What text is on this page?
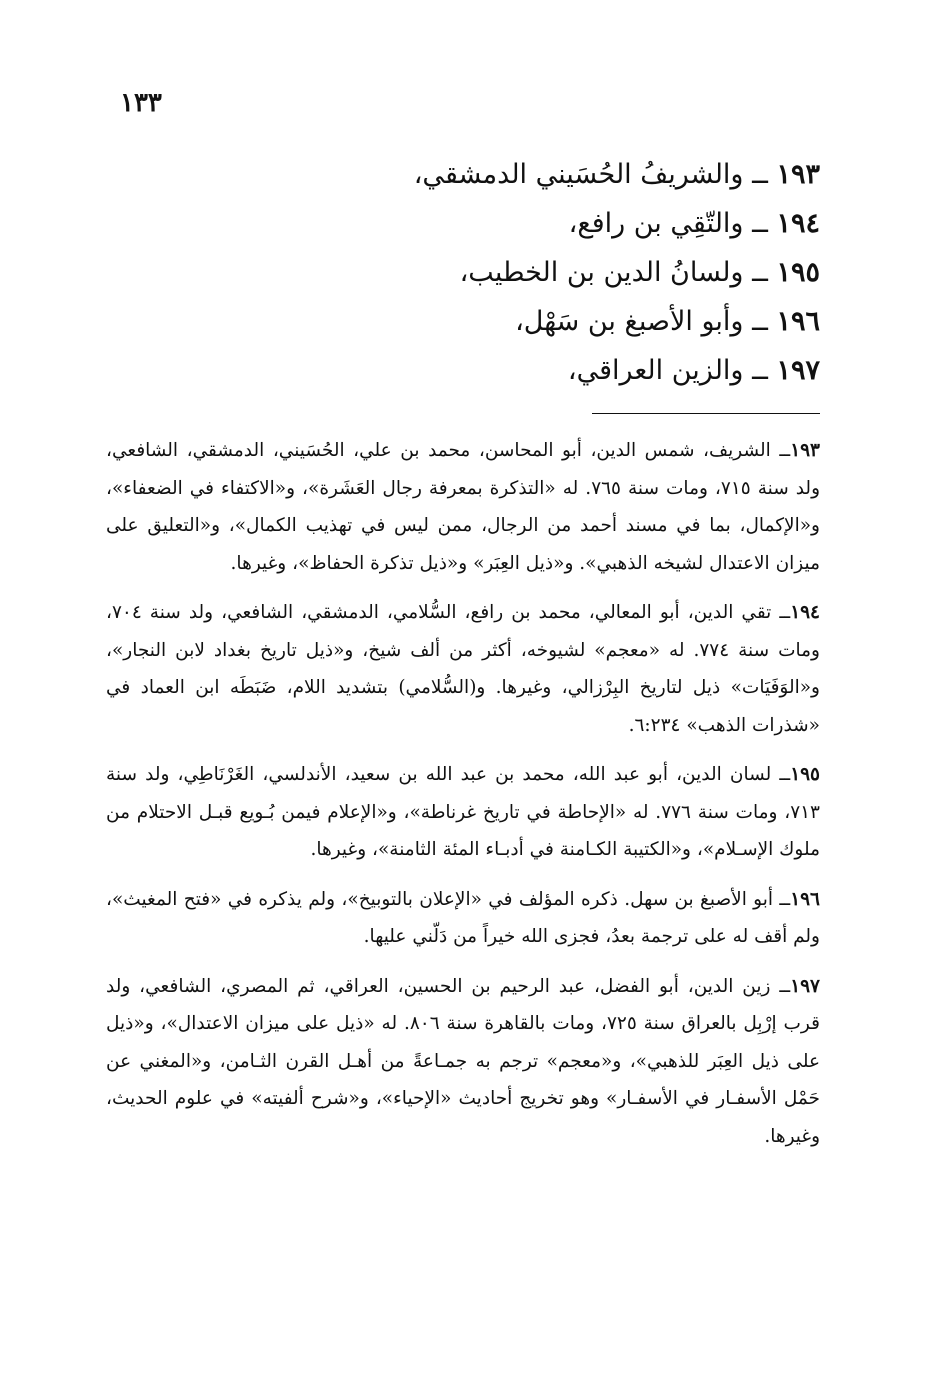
١٣٣
١٩٣ ــ والشريفُ الحُسَيني الدمشقي،
١٩٤ ــ والتّقِي بن رافع،
١٩٥ ــ ولسانُ الدين بن الخطيب،
١٩٦ ــ وأبو الأصبغ بن سَهْل،
١٩٧ ــ والزين العراقي،

١٩٣ــ الشريف، شمس الدين، أبو المحاسن، محمد بن علي، الحُسَيني، الدمشقي، الشافعي، ولد سنة ٧١٥، ومات سنة ٧٦٥. له «التذكرة بمعرفة رجال العَشَرة»، و«الاكتفاء في الضعفاء»، و«الإكمال، بما في مسند أحمد من الرجال، ممن ليس في تهذيب الكمال»، و«التعليق على ميزان الاعتدال لشيخه الذهبي». و«ذيل العِبَر» و«ذيل تذكرة الحفاظ»، وغيرها.

١٩٤ــ تقي الدين، أبو المعالي، محمد بن رافع، السُّلامي، الدمشقي، الشافعي، ولد سنة ٧٠٤، ومات سنة ٧٧٤. له «معجم» لشيوخه، أكثر من ألف شيخ، و«ذيل تاريخ بغداد لابن النجار»، و«الوَفَيَات» ذيل لتاريخ البِرْزالي، وغيرها. و(السُّلامي) بتشديد اللام، ضَبَطَه ابن العماد في «شذرات الذهب» ٦:٢٣٤.

١٩٥ــ لسان الدين، أبو عبد الله، محمد بن عبد الله بن سعيد، الأندلسي، الغَرْنَاطِي، ولد سنة ٧١٣، ومات سنة ٧٧٦. له «الإحاطة في تاريخ غرناطة»، و«الإعلام فيمن بُـويع قبـل الاحتلام من ملوك الإسـلام»، و«الكتيبة الكـامنة في أدبـاء المئة الثامنة»، وغيرها.

١٩٦ــ أبو الأصبغ بن سهل. ذكره المؤلف في «الإعلان بالتوبيخ»، ولم يذكره في «فتح المغيث»، ولم أقف له على ترجمة بعدُ، فجزى الله خيراً من دَلّني عليها.

١٩٧ــ زين الدين، أبو الفضل، عبد الرحيم بن الحسين، العراقي، ثم المصري، الشافعي، ولد قرب إرْبِل بالعراق سنة ٧٢٥، ومات بالقاهرة سنة ٨٠٦. له «ذيل على ميزان الاعتدال»، و«ذيل على ذيل العِبَر للذهبي»، و«معجم» ترجم به جمـاعةً من أهـل القرن الثـامن، و«المغني عن حَمْل الأسفـار في الأسفـار» وهو تخريج أحاديث «الإحياء»، و«شرح ألفيته» في علوم الحديث، وغيرها.
